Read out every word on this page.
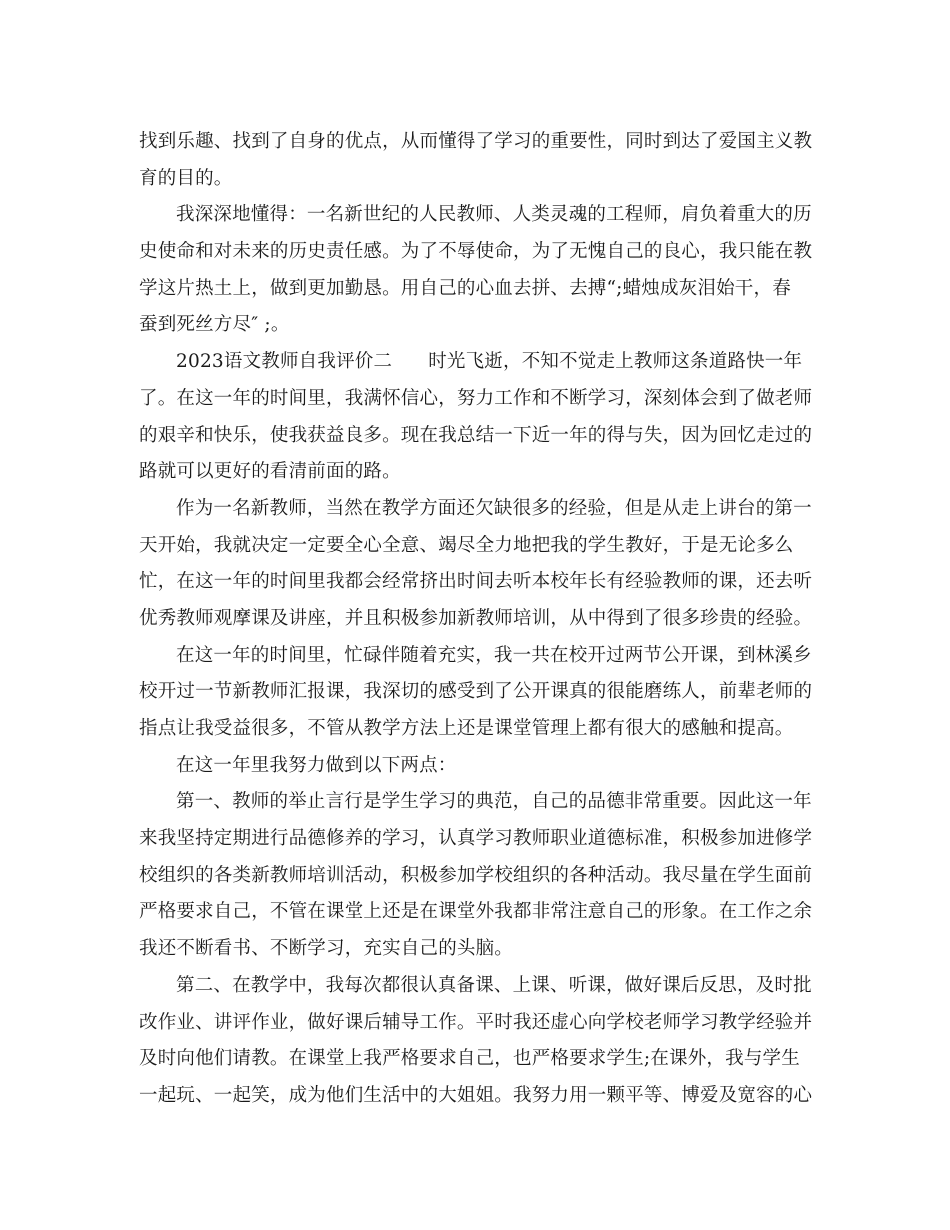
找到乐趣、找到了自身的优点，从而懂得了学习的重要性，同时到达了爱国主义教
育的目的。
我深深地懂得：一名新世纪的人民教师、人类灵魂的工程师，肩负着重大的历
史使命和对未来的历史责任感。为了不辱使命，为了无愧自己的良心，我只能在教
学这片热土上，做到更加勤恳。用自己的心血去拼、去搏“;蜡烛成灰泪始干，春
蚕到死丝方尽″ ;。
2023语文教师自我评价二 时光飞逝，不知不觉走上教师这条道路快一年
了。在这一年的时间里，我满怀信心，努力工作和不断学习，深刻体会到了做老师
的艰辛和快乐，使我获益良多。现在我总结一下近一年的得与失，因为回忆走过的
路就可以更好的看清前面的路。
作为一名新教师，当然在教学方面还欠缺很多的经验，但是从走上讲台的第一
天开始，我就决定一定要全心全意、竭尽全力地把我的学生教好，于是无论多么
忙，在这一年的时间里我都会经常挤出时间去听本校年长有经验教师的课，还去听
优秀教师观摩课及讲座，并且积极参加新教师培训，从中得到了很多珍贵的经验。
在这一年的时间里，忙碌伴随着充实，我一共在校开过两节公开课，到林溪乡
校开过一节新教师汇报课，我深切的感受到了公开课真的很能磨练人，前辈老师的
指点让我受益很多，不管从教学方法上还是课堂管理上都有很大的感触和提高。
在这一年里我努力做到以下两点：
第一、教师的举止言行是学生学习的典范，自己的品德非常重要。因此这一年
来我坚持定期进行品德修养的学习，认真学习教师职业道德标准，积极参加进修学
校组织的各类新教师培训活动，积极参加学校组织的各种活动。我尽量在学生面前
严格要求自己，不管在课堂上还是在课堂外我都非常注意自己的形象。在工作之余
我还不断看书、不断学习，充实自己的头脑。
第二、在教学中，我每次都很认真备课、上课、听课，做好课后反思，及时批
改作业、讲评作业，做好课后辅导工作。平时我还虚心向学校老师学习教学经验并
及时向他们请教。在课堂上我严格要求自己，也严格要求学生;在课外，我与学生
一起玩、一起笑，成为他们生活中的大姐姐。我努力用一颗平等、博爱及宽容的心
